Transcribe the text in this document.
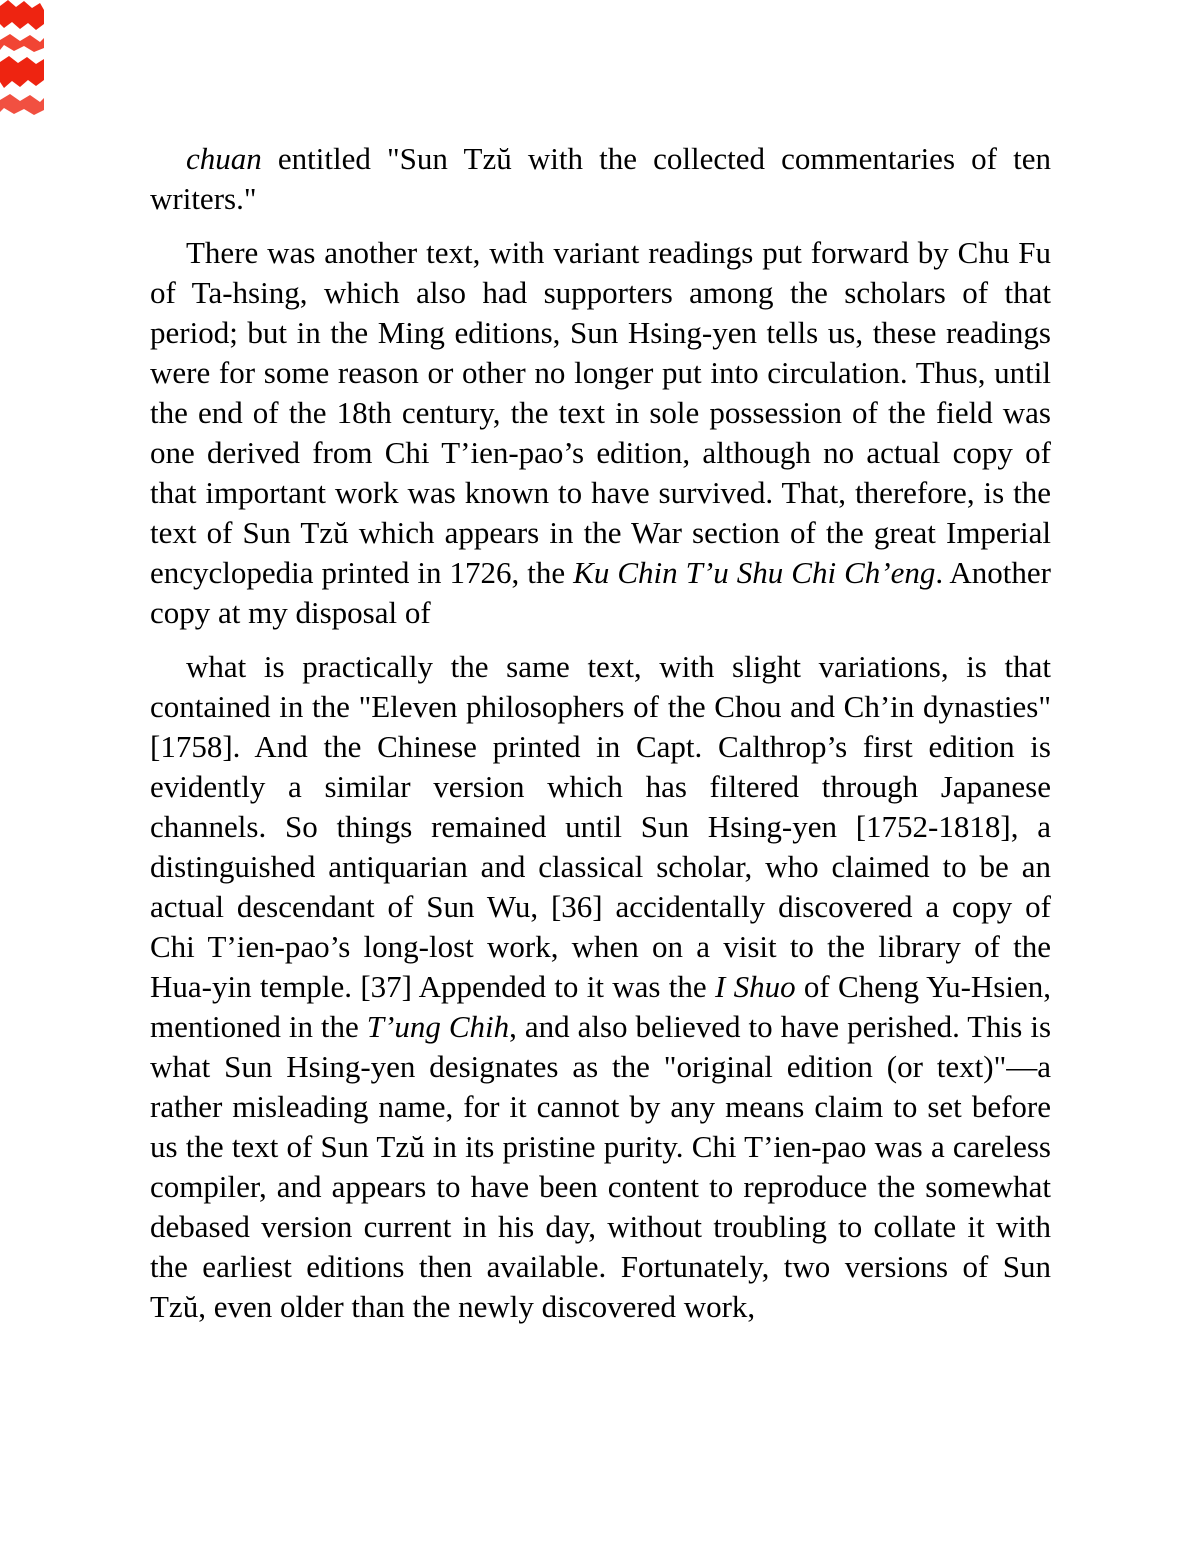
chuan entitled "Sun Tzŭ with the collected commentaries of ten writers."

There was another text, with variant readings put forward by Chu Fu of Ta-hsing, which also had supporters among the scholars of that period; but in the Ming editions, Sun Hsing-yen tells us, these readings were for some reason or other no longer put into circulation. Thus, until the end of the 18th century, the text in sole possession of the field was one derived from Chi T’ien-pao’s edition, although no actual copy of that important work was known to have survived. That, therefore, is the text of Sun Tzŭ which appears in the War section of the great Imperial encyclopedia printed in 1726, the Ku Chin T’u Shu Chi Ch’eng. Another copy at my disposal of

what is practically the same text, with slight variations, is that contained in the "Eleven philosophers of the Chou and Ch’in dynasties" [1758]. And the Chinese printed in Capt. Calthrop’s first edition is evidently a similar version which has filtered through Japanese channels. So things remained until Sun Hsing-yen [1752-1818], a distinguished antiquarian and classical scholar, who claimed to be an actual descendant of Sun Wu, [36] accidentally discovered a copy of Chi T’ien-pao’s long-lost work, when on a visit to the library of the Hua-yin temple. [37] Appended to it was the I Shuo of Cheng Yu-Hsien, mentioned in the T’ung Chih, and also believed to have perished. This is what Sun Hsing-yen designates as the "original edition (or text)"—a rather misleading name, for it cannot by any means claim to set before us the text of Sun Tzŭ in its pristine purity. Chi T’ien-pao was a careless compiler, and appears to have been content to reproduce the somewhat debased version current in his day, without troubling to collate it with the earliest editions then available. Fortunately, two versions of Sun Tzŭ, even older than the newly discovered work,
